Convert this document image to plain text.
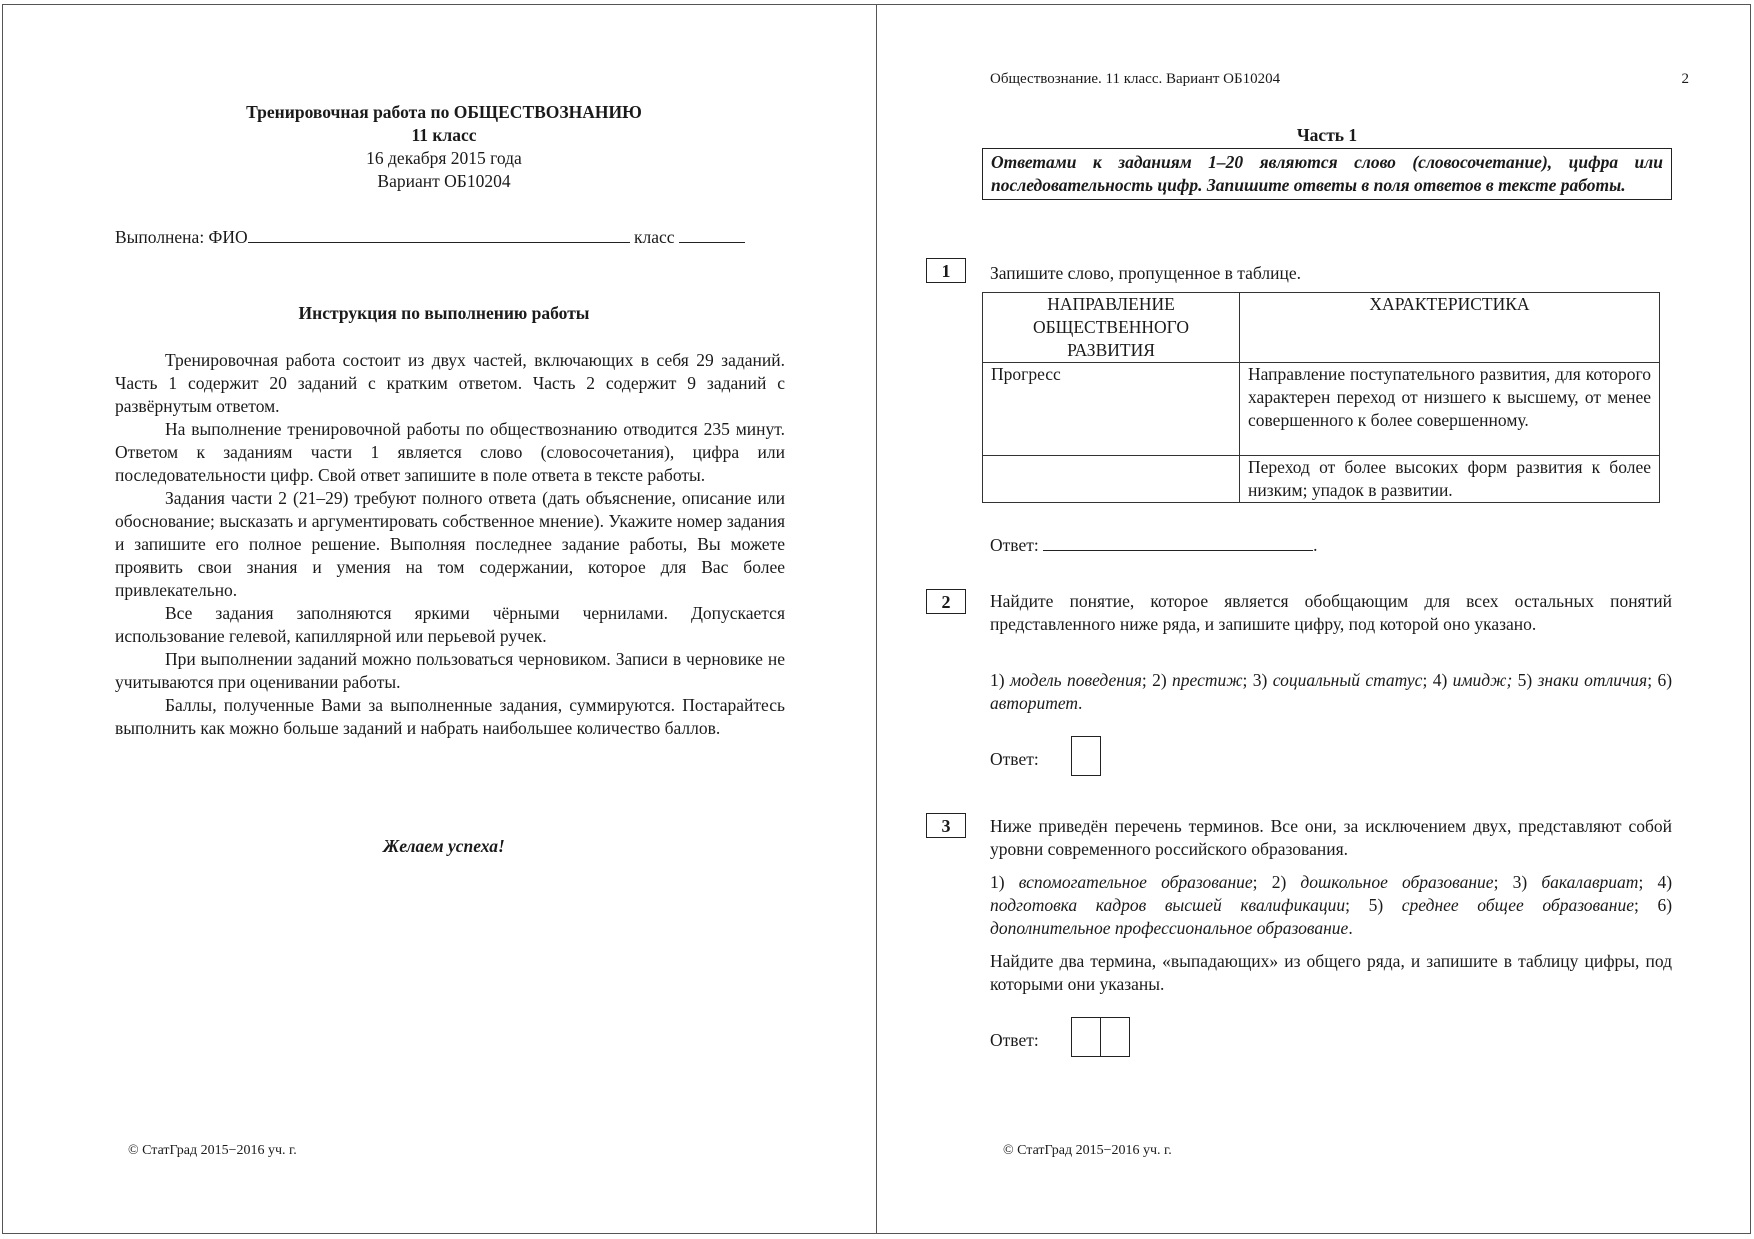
Тренировочная работа по ОБЩЕСТВОЗНАНИЮ
11 класс
16 декабря 2015 года
Вариант ОБ10204
Выполнена: ФИО	класс
Инструкция по выполнению работы

Тренировочная работа состоит из двух частей, включающих в себя 29 заданий. Часть 1 содержит 20 заданий с кратким ответом. Часть 2 содержит 9 заданий с развёрнутым ответом.

На выполнение тренировочной работы по обществознанию отводится 235 минут. Ответом к заданиям части 1 является слово (словосочетания), цифра или последовательности цифр. Свой ответ запишите в поле ответа в тексте работы.

Задания части 2 (21–29) требуют полного ответа (дать объяснение, описание или обоснование; высказать и аргументировать собственное мнение). Укажите номер задания и запишите его полное решение. Выполняя последнее задание работы, Вы можете проявить свои знания и умения на том содержании, которое для Вас более привлекательно.

Все задания заполняются яркими чёрными чернилами. Допускается использование гелевой, капиллярной или перьевой ручек.

При выполнении заданий можно пользоваться черновиком. Записи в черновике не учитываются при оценивании работы.

Баллы, полученные Вами за выполненные задания, суммируются. Постарайтесь выполнить как можно больше заданий и набрать наибольшее количество баллов.

Желаем успеха!
© СтатГрад 2015−2016 уч. г.
Обществознание. 11 класс. Вариант ОБ10204	2
Часть 1
Ответами к заданиям 1–20 являются слово (словосочетание), цифра или последовательность цифр. Запишите ответы в поля ответов в тексте работы.
1	Запишите слово, пропущенное в таблице.
НАПРАВЛЕНИЕ ОБЩЕСТВЕННОГО РАЗВИТИЯ	ХАРАКТЕРИСТИКА
Прогресс	Направление поступательного развития, для которого характерен переход от низшего к высшему, от менее совершенного к более совершенному.
	Переход от более высоких форм развития к более низким; упадок в развитии.
Ответ:	.
2	Найдите понятие, которое является обобщающим для всех остальных понятий представленного ниже ряда, и запишите цифру, под которой оно указано.
1) модель поведения; 2) престиж; 3) социальный статус; 4) имидж; 5) знаки отличия; 6) авторитет.
Ответ:
3	Ниже приведён перечень терминов. Все они, за исключением двух, представляют собой уровни современного российского образования.
1) вспомогательное образование; 2) дошкольное образование; 3) бакалавриат; 4) подготовка кадров высшей квалификации; 5) среднее общее образование; 6) дополнительное профессиональное образование.
Найдите два термина, «выпадающих» из общего ряда, и запишите в таблицу цифры, под которыми они указаны.
Ответ:
© СтатГрад 2015−2016 уч. г.
